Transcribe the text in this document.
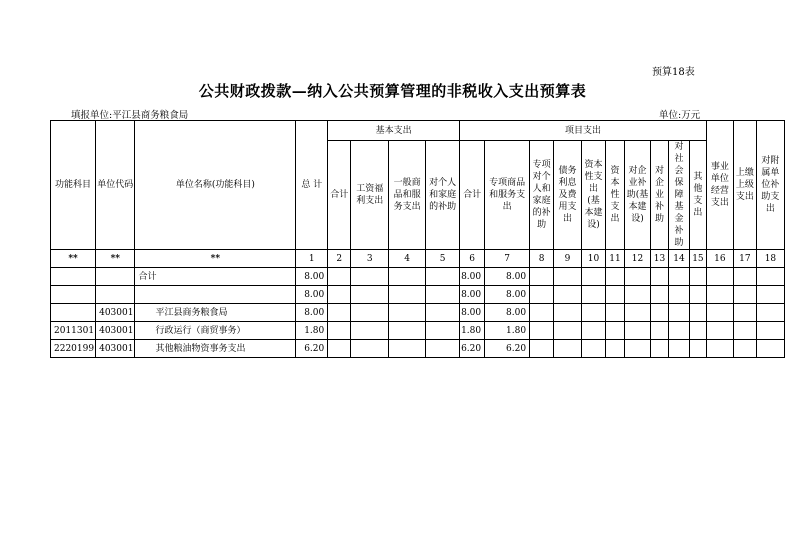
预算18表
公共财政拨款—纳入公共预算管理的非税收入支出预算表
填报单位:平江县商务粮食局	单位:万元
功能科目	单位代码	单位名称(功能科目)	总 计	基本支出				项目支出										事业单位经营支出	上缴上级支出	对附属单位补助支出
				合计	工资福利支出	一般商品和服务支出	对个人和家庭的补助	合计	专项商品和服务支出	专项对个人和家庭的补助	债务利息及费用支出	资本性支出(基本建设)	资本性支出	对企业补助(基本建设)	对企业补助	对社会保障基金补助	其他支出			
**	**	**	1	2	3	4	5	6	7	8	9	10	11	12	13	14	15	16	17	18
		合计	8.00					8.00	8.00											
			8.00					8.00	8.00											
	403001	平江县商务粮食局	8.00					8.00	8.00											
2011301	403001	行政运行（商贸事务）	1.80					1.80	1.80											
2220199	403001	其他粮油物资事务支出	6.20					6.20	6.20											
